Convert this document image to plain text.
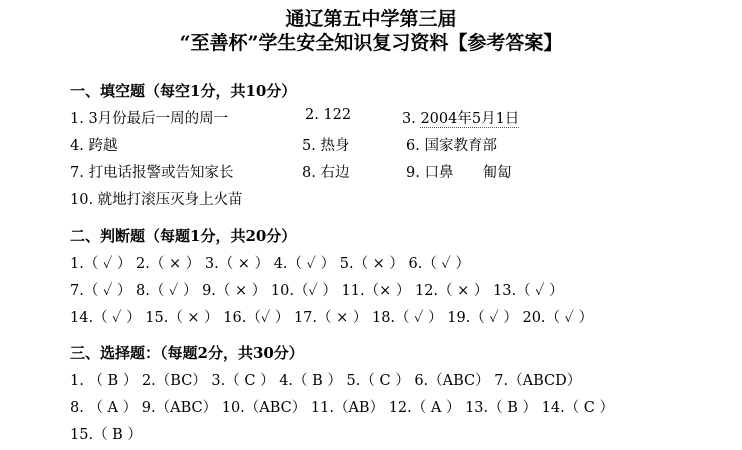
通辽第五中学第三届
“至善杯”学生安全知识复习资料【参考答案】
一、填空题（每空1分，共10分）
1. 3月份最后一周的周一	2. 122	3. 2004年5月1日
4. 跨越	5. 热身	6. 国家教育部
7. 打电话报警或告知家长	8. 右边	9. 口鼻　　匍匐
10. 就地打滚压灭身上火苗
二、判断题（每题1分，共20分）
1.（ ✓ ） 2.（ × ） 3.（ × ） 4.（ ✓ ） 5.（ × ） 6.（ ✓ ）
7.（ ✓ ） 8.（ ✓ ） 9.（ × ） 10.（✓ ） 11.（× ） 12.（ × ） 13.（ ✓ ）
14.（ ✓ ） 15.（ × ） 16.（✓ ） 17.（ × ） 18.（ ✓ ） 19.（ ✓ ） 20.（ ✓ ）
三、选择题：（每题2分，共30分）
1. （ B ） 2.（BC） 3.（ C ） 4.（ B ） 5.（ C ） 6.（ABC） 7.（ABCD）
8. （ A ） 9.（ABC） 10.（ABC） 11.（AB） 12.（ A ） 13.（ B ） 14.（ C ）
15.（ B ）
